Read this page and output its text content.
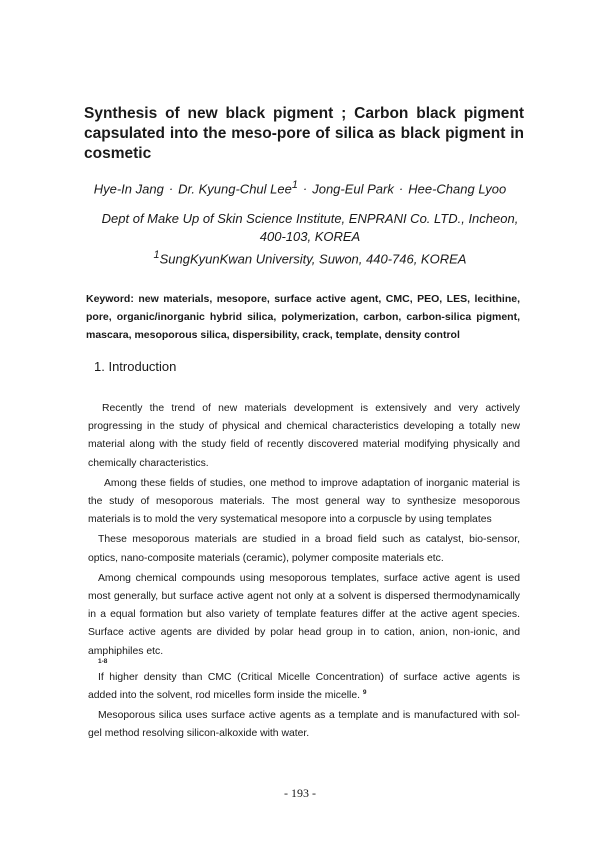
Synthesis of new black pigment ; Carbon black pigment capsulated into the meso-pore of silica as black pigment in cosmetic
Hye-In Jang · Dr. Kyung-Chul Lee$^1$ · Jong-Eul Park · Hee-Chang Lyoo
Dept of Make Up of Skin Science Institute, ENPRANI Co. LTD., Incheon,
400-103, KOREA
$^1$SungKyunKwan University, Suwon, 440-746, KOREA
Keyword: new materials, mesopore, surface active agent, CMC, PEO, LES, lecithine, pore, organic/inorganic hybrid silica, polymerization, carbon, carbon-silica pigment, mascara, mesoporous silica, dispersibility, crack, template, density control
1. Introduction

Recently the trend of new materials development is extensively and very actively progressing in the study of physical and chemical characteristics developing a totally new material along with the study field of recently discovered material modifying physically and chemically characteristics.

Among these fields of studies, one method to improve adaptation of inorganic material is the study of mesoporous materials. The most general way to synthesize mesoporous materials is to mold the very systematical mesopore into a corpuscle by using templates

These mesoporous materials are studied in a broad field such as catalyst, bio-sensor, optics, nano-composite materials (ceramic), polymer composite materials etc.

Among chemical compounds using mesoporous templates, surface active agent is used most generally, but surface active agent not only at a solvent is dispersed thermodynamically in a equal formation but also variety of template features differ at the active agent species. Surface active agents are divided by polar head group in to cation, anion, non-ionic, and amphiphiles etc.
1-8

If higher density than CMC (Critical Micelle Concentration) of surface active agents is added into the solvent, rod micelles form inside the micelle. $^9$

Mesoporous silica uses surface active agents as a template and is manufactured with sol-gel method resolving silicon-alkoxide with water.

- 193 -
